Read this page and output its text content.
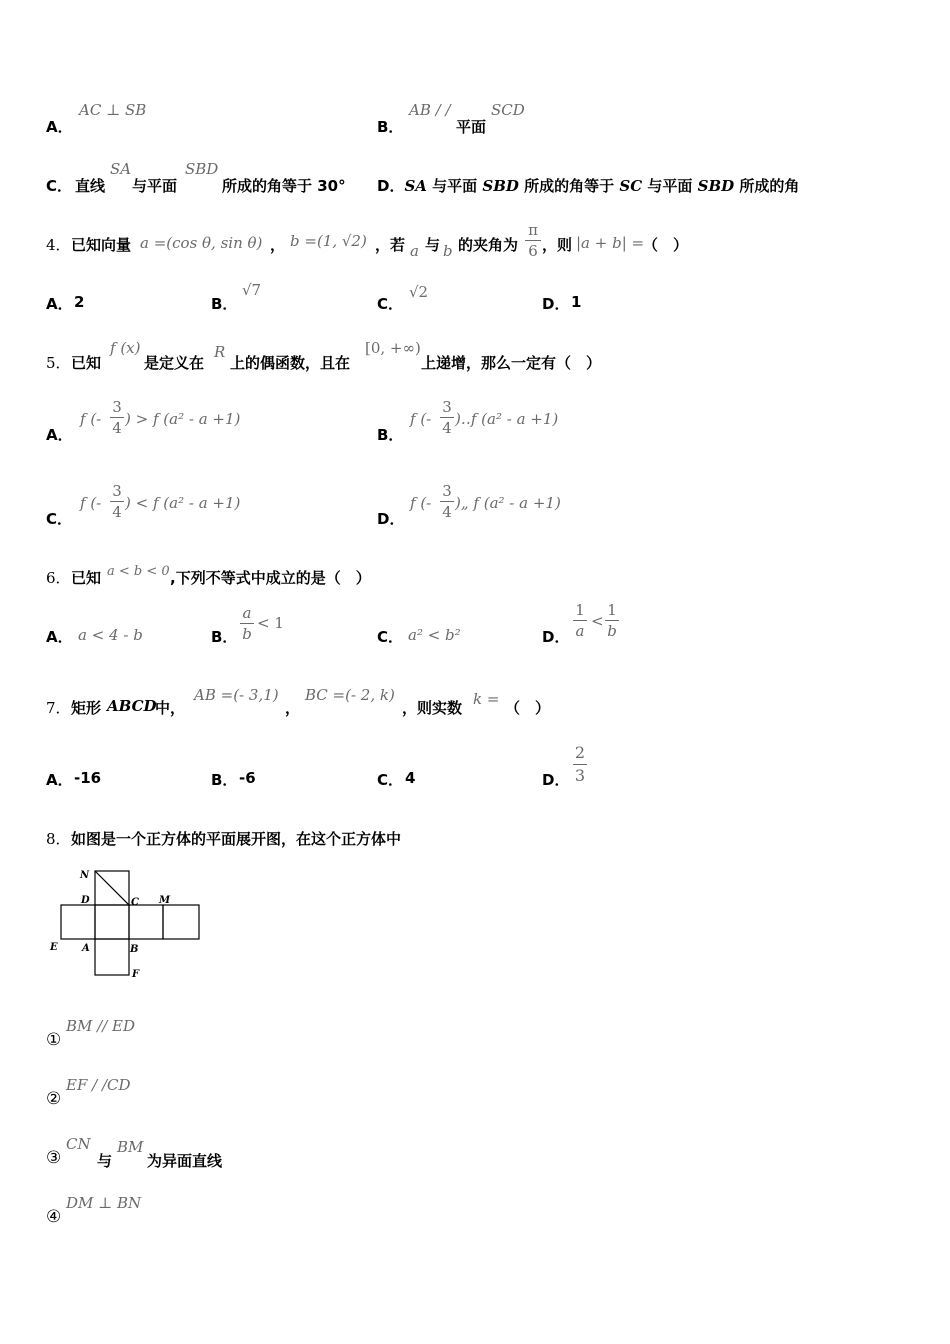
A．
AC ⊥ SB
B．
AB / /
平面
SCD
C． 直线
SA
与平面
SBD
所成的角等于 30° D．SA 与平面 SBD 所成的角等于 SC 与平面 SBD 所成的角
4． 已知向量 a =(cos θ, sin θ) ， b =(1, √2) ，若 a 与 b 的夹角为
π
6 ，则 |a + b| =
（　）
A． 2	B．
√7
C．
√2
D． 1
5． 已知
f (x)
是定义在
R
上的偶函数，且在
[0, +∞)
上递增，那么一定有（　）
A．
f (-
3
4 ) > f (a² - a +1)
B．
f (-
3
4 )‥f (a² - a +1)
C．
f (-
3
4 ) < f (a² - a +1)
D．
f (-
3
4 )„ f (a² - a +1)
6． 已知 a < b < 0 ,下列不等式中成立的是（　）
A． a < 4 - b	B．
a
b
< 1
C． a² < b²	D．
1
a
<
1
b
7． 矩形 ABCD
中，
AB =(- 3,1)
，
BC =(- 2, k)
，则实数 k = （　）
A． -16	B． -6	C． 4	D．
2
3
8． 如图是一个正方体的平面展开图，在这个正方体中
N
D	C M
E A	B
F
①
BM // ED
②
EF / /CD
③
CN
与
BM
为异面直线
④
DM ⊥ BN
